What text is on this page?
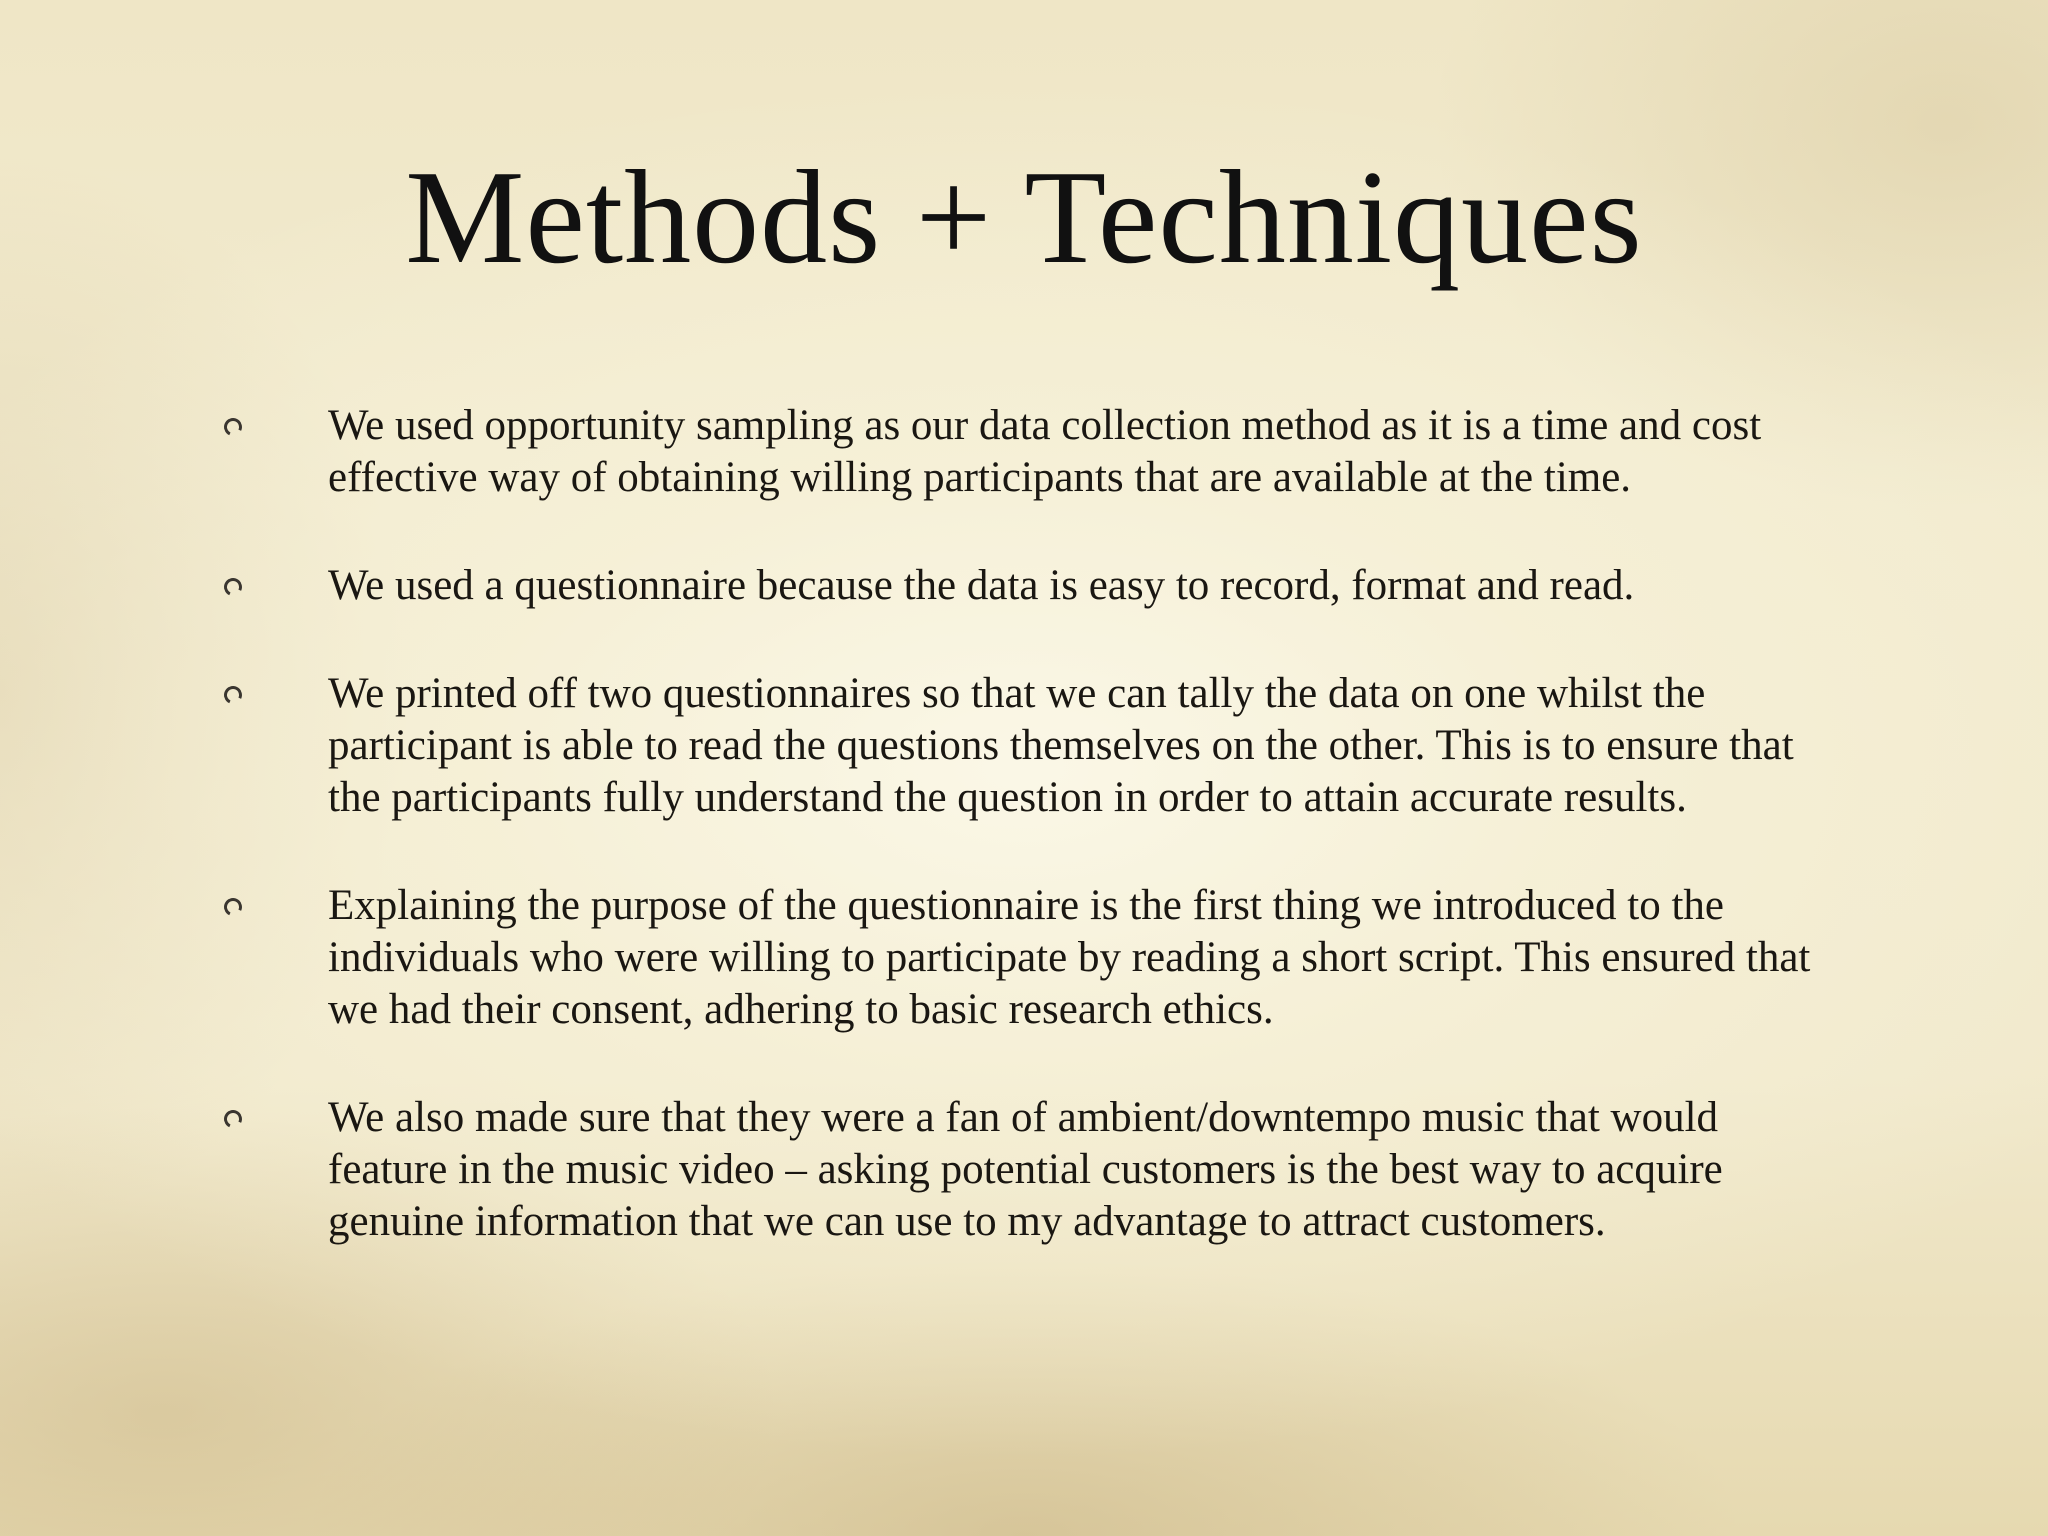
Methods + Techniques
We used opportunity sampling as our data collection method as it is a time and cost effective way of obtaining willing participants that are available at the time.
We used a questionnaire because the data is easy to record, format and read.
We printed off two questionnaires so that we can tally the data on one whilst the participant is able to read the questions themselves on the other. This is to ensure that the participants fully understand the question in order to attain accurate results.
Explaining the purpose of the questionnaire is the first thing we introduced to the individuals who were willing to participate by reading a short script. This ensured that we had their consent, adhering to basic research ethics.
We also made sure that they were a fan of ambient/downtempo music that would feature in the music video – asking potential customers is the best way to acquire genuine information that we can use to my advantage to attract customers.
